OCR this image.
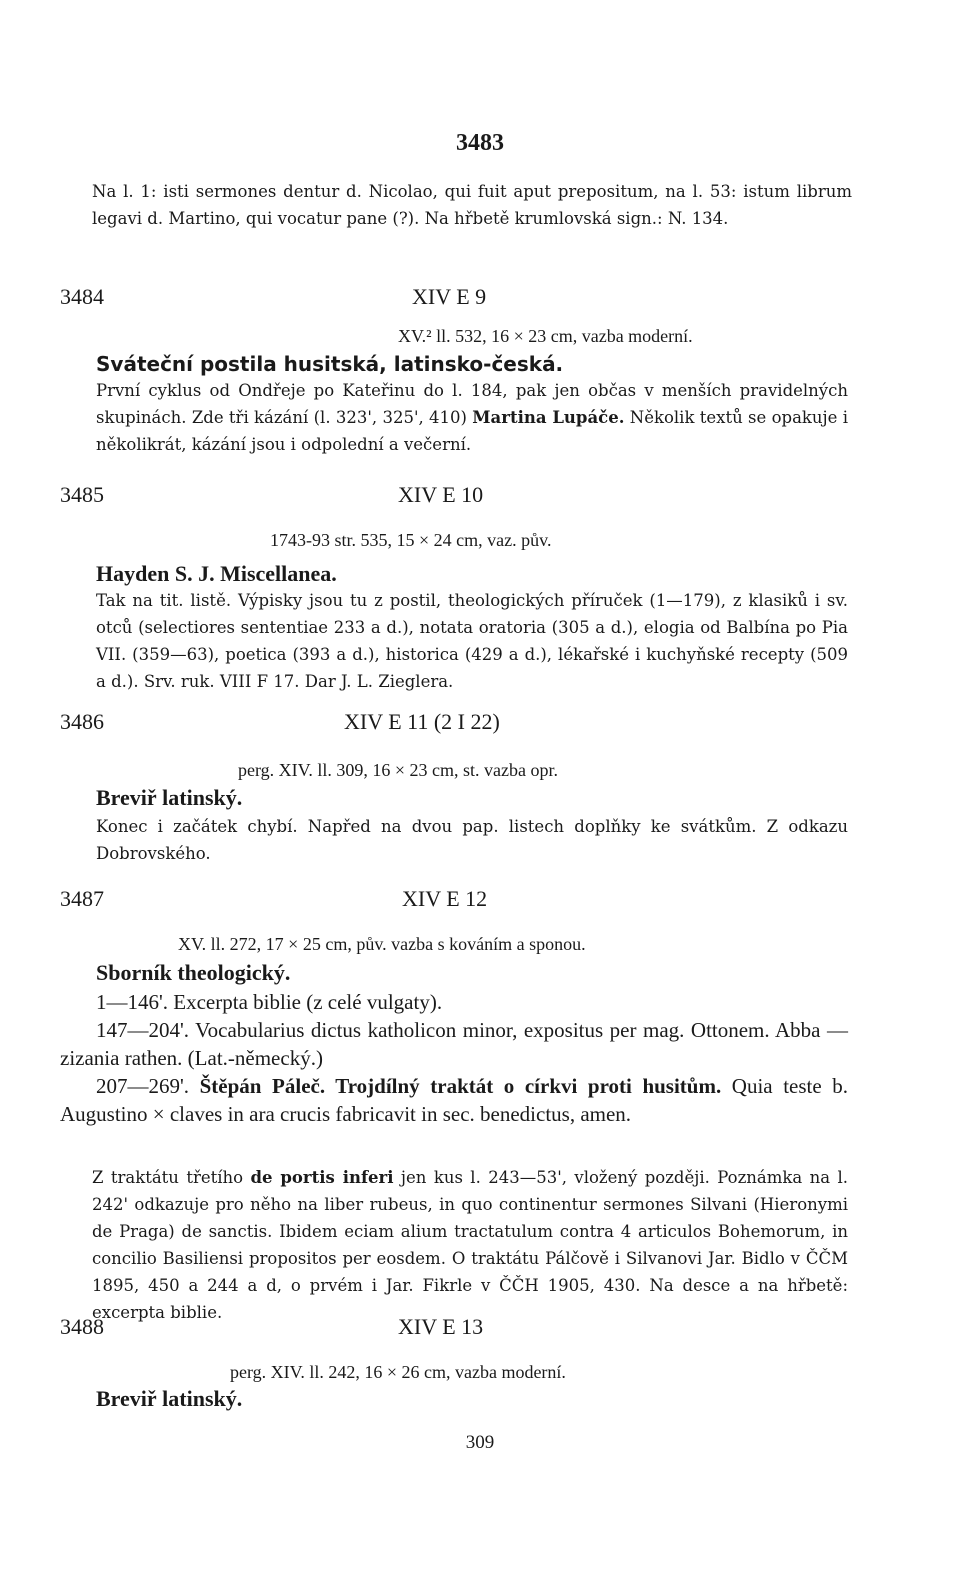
3483

Na l. 1: isti sermones dentur d. Nicolao, qui fuit aput prepositum, na l. 53: istum librum legavi d. Martino, qui vocatur pane (?). Na hřbetě krumlovská sign.: N. 134.

3484	XIV E 9
XV.² ll. 532, 16 × 23 cm, vazba moderní.
Sváteční postila husitská, latinsko-česká.

První cyklus od Ondřeje po Kateřinu do l. 184, pak jen občas v menších pravidelných skupinách. Zde tři kázání (l. 323', 325', 410) Martina Lupáče. Několik textů se opakuje i několikrát, kázání jsou i odpolední a večerní.

3485	XIV E 10
1743-93 str. 535, 15 × 24 cm, vaz. pův.
Hayden S. J. Miscellanea.

Tak na tit. listě. Výpisky jsou tu z postil, theologických příruček (1—179), z klasiků i sv. otců (selectiores sententiae 233 a d.), notata oratoria (305 a d.), elogia od Balbína po Pia VII. (359—63), poetica (393 a d.), historica (429 a d.), lékařské i kuchyňské recepty (509 a d.). Srv. ruk. VIII F 17. Dar J. L. Zieglera.

3486	XIV E 11 (2 I 22)
perg. XIV. ll. 309, 16 × 23 cm, st. vazba opr.
Breviř latinský.

Konec i začátek chybí. Napřed na dvou pap. listech doplňky ke svátkům. Z odkazu Dobrovského.

3487	XIV E 12
XV. ll. 272, 17 × 25 cm, pův. vazba s kováním a sponou.
Sborník theologický.

1—146'. Excerpta biblie (z celé vulgaty).

147—204'. Vocabularius dictus katholicon minor, expositus per mag. Ottonem. Abba — zizania rathen. (Lat.-německý.)

207—269'. Štěpán Páleč. Trojdílný traktát o církvi proti husitům. Quia teste b. Augustino × claves in ara crucis fabricavit in sec. benedictus, amen.

Z traktátu třetího de portis inferi jen kus l. 243—53', vložený později. Poznámka na l. 242' odkazuje pro něho na liber rubeus, in quo continentur sermones Silvani (Hieronymi de Praga) de sanctis. Ibidem eciam alium tractatulum contra 4 articulos Bohemorum, in concilio Basiliensi propositos per eosdem. O traktátu Pálčově i Silvanovi Jar. Bidlo v ČČM 1895, 450 a 244 a d, o prvém i Jar. Fikrle v ČČH 1905, 430. Na desce a na hřbetě: excerpta biblie.

3488	XIV E 13
perg. XIV. ll. 242, 16 × 26 cm, vazba moderní.
Breviř latinský.
309
